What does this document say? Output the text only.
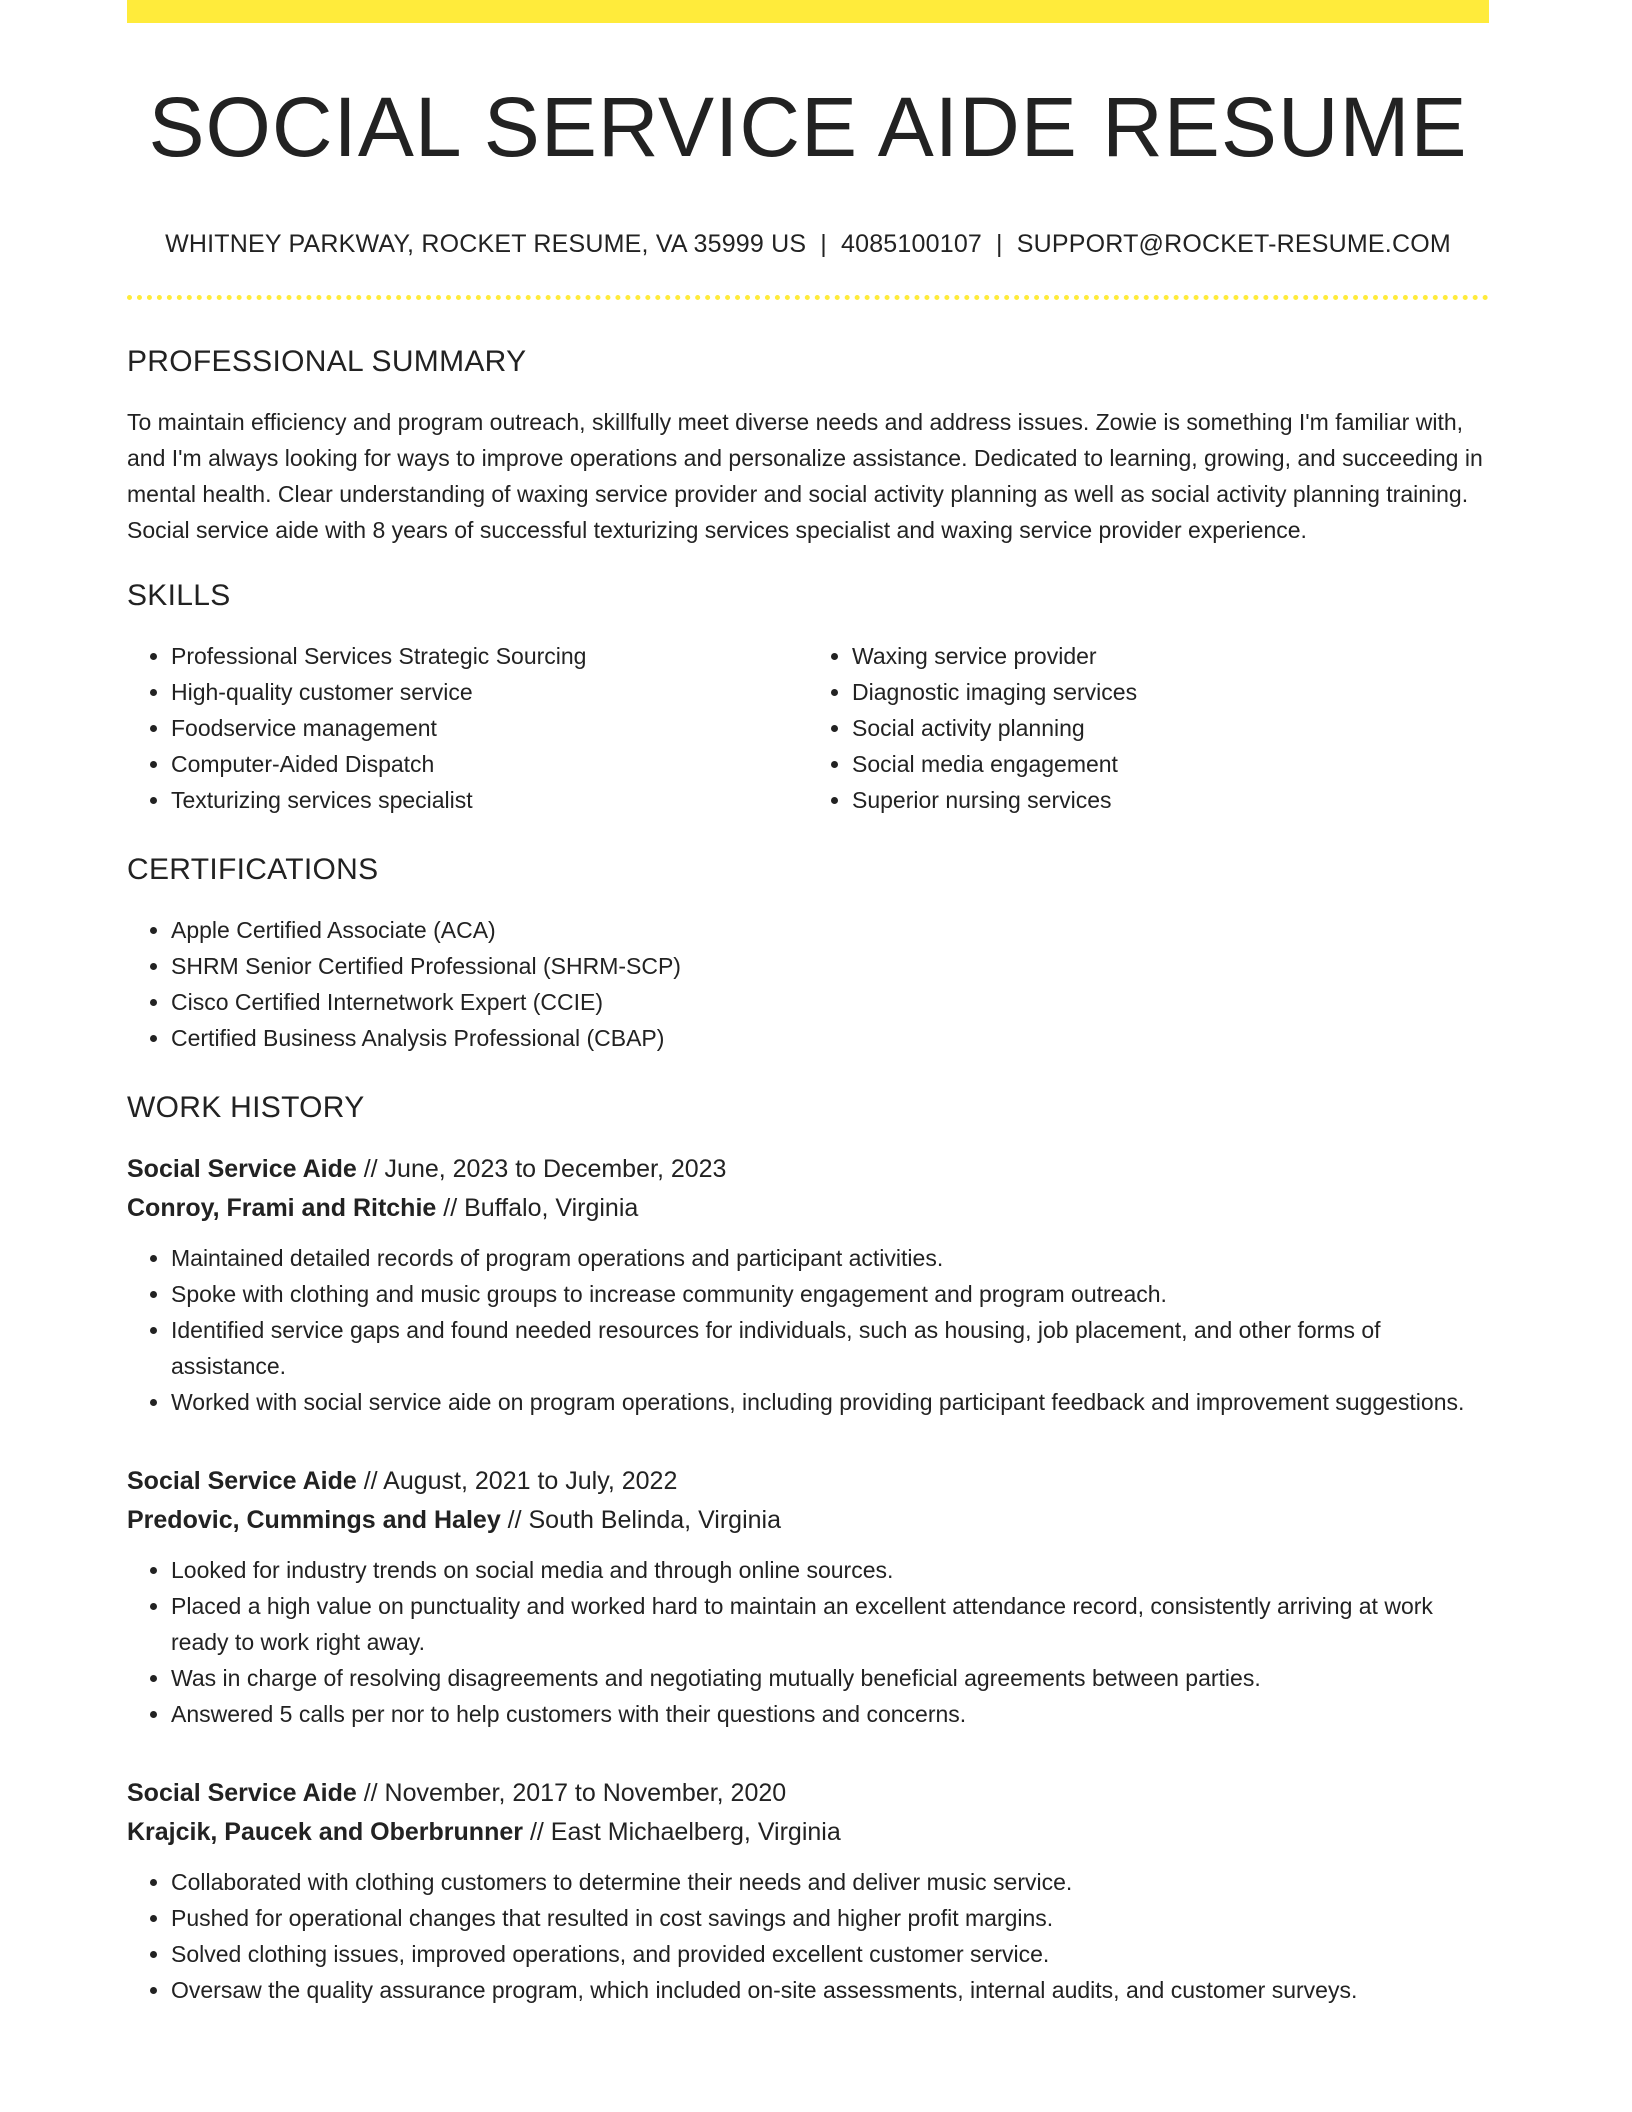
SOCIAL SERVICE AIDE RESUME
WHITNEY PARKWAY, ROCKET RESUME, VA 35999 US | 4085100107 | SUPPORT@ROCKET-RESUME.COM
PROFESSIONAL SUMMARY

To maintain efficiency and program outreach, skillfully meet diverse needs and address issues. Zowie is something I'm familiar with, and I'm always looking for ways to improve operations and personalize assistance. Dedicated to learning, growing, and succeeding in mental health. Clear understanding of waxing service provider and social activity planning as well as social activity planning training. Social service aide with 8 years of successful texturizing services specialist and waxing service provider experience.

SKILLS
• Professional Services Strategic Sourcing
• High-quality customer service
• Foodservice management
• Computer-Aided Dispatch
• Texturizing services specialist
• Waxing service provider
• Diagnostic imaging services
• Social activity planning
• Social media engagement
• Superior nursing services
CERTIFICATIONS
• Apple Certified Associate (ACA)
• SHRM Senior Certified Professional (SHRM-SCP)
• Cisco Certified Internetwork Expert (CCIE)
• Certified Business Analysis Professional (CBAP)
WORK HISTORY
Social Service Aide // June, 2023 to December, 2023
Conroy, Frami and Ritchie // Buffalo, Virginia
• Maintained detailed records of program operations and participant activities.
• Spoke with clothing and music groups to increase community engagement and program outreach.
• Identified service gaps and found needed resources for individuals, such as housing, job placement, and other forms of assistance.
• Worked with social service aide on program operations, including providing participant feedback and improvement suggestions.
Social Service Aide // August, 2021 to July, 2022
Predovic, Cummings and Haley // South Belinda, Virginia
• Looked for industry trends on social media and through online sources.
• Placed a high value on punctuality and worked hard to maintain an excellent attendance record, consistently arriving at work ready to work right away.
• Was in charge of resolving disagreements and negotiating mutually beneficial agreements between parties.
• Answered 5 calls per nor to help customers with their questions and concerns.
Social Service Aide // November, 2017 to November, 2020
Krajcik, Paucek and Oberbrunner // East Michaelberg, Virginia
• Collaborated with clothing customers to determine their needs and deliver music service.
• Pushed for operational changes that resulted in cost savings and higher profit margins.
• Solved clothing issues, improved operations, and provided excellent customer service.
• Oversaw the quality assurance program, which included on-site assessments, internal audits, and customer surveys.
